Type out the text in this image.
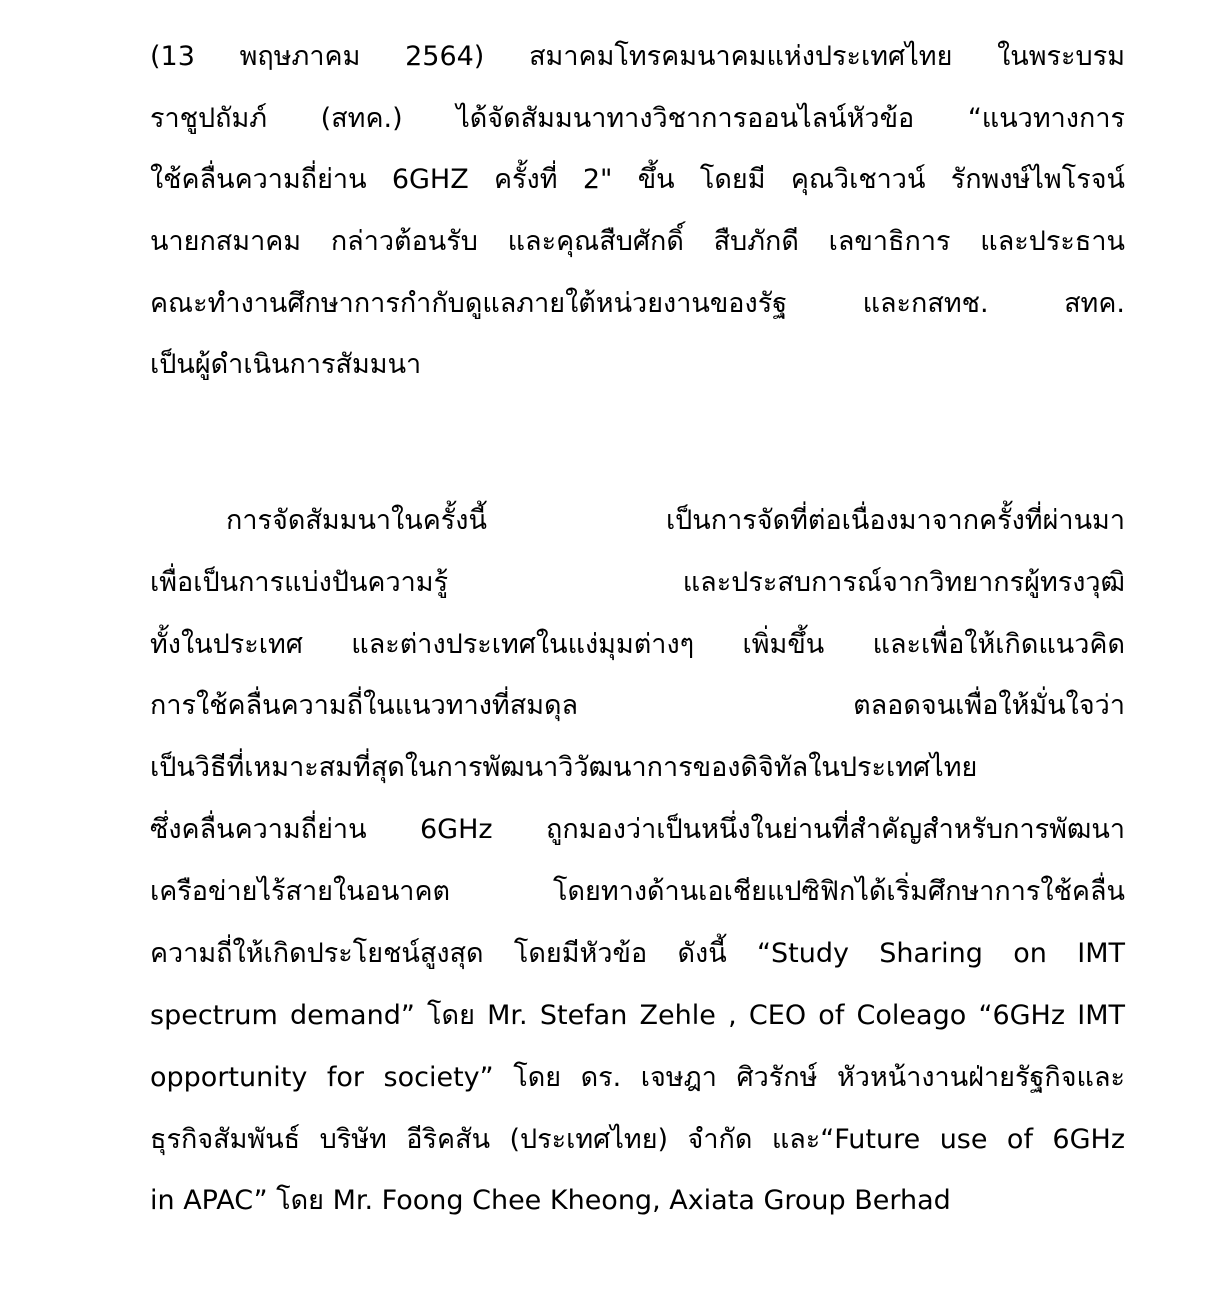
(13 พฤษภาคม 2564) สมาคมโทรคมนาคมแห่งประเทศไทย ในพระบรม
ราชูปถัมภ์ (สทค.) ได้จัดสัมมนาทางวิชาการออนไลน์หัวข้อ “แนวทางการ
ใช้คลื่นความถี่ย่าน 6GHZ ครั้งที่ 2" ขึ้น โดยมี คุณวิเชาวน์ รักพงษ์ไพโรจน์
นายกสมาคม กล่าวต้อนรับ และคุณสืบศักดิ์ สืบภักดี เลขาธิการ และประธาน
คณะทำงานศึกษาการกำกับดูแลภายใต้หน่วยงานของรัฐ และกสทช. สทค.
เป็นผู้ดำเนินการสัมมนา
การจัดสัมมนาในครั้งนี้ เป็นการจัดที่ต่อเนื่องมาจากครั้งที่ผ่านมา
เพื่อเป็นการแบ่งปันความรู้ และประสบการณ์จากวิทยากรผู้ทรงวุฒิ
ทั้งในประเทศ และต่างประเทศในแง่มุมต่างๆ เพิ่มขึ้น และเพื่อให้เกิดแนวคิด
การใช้คลื่นความถี่ในแนวทางที่สมดุล ตลอดจนเพื่อให้มั่นใจว่า
เป็นวิธีที่เหมาะสมที่สุดในการพัฒนาวิวัฒนาการของดิจิทัลในประเทศไทย
ซึ่งคลื่นความถี่ย่าน 6GHz ถูกมองว่าเป็นหนึ่งในย่านที่สำคัญสำหรับการพัฒนา
เครือข่ายไร้สายในอนาคต โดยทางด้านเอเชียแปซิฟิกได้เริ่มศึกษาการใช้คลื่น
ความถี่ให้เกิดประโยชน์สูงสุด โดยมีหัวข้อ ดังนี้ “Study Sharing on IMT
spectrum demand” โดย Mr. Stefan Zehle , CEO of Coleago “6GHz IMT
opportunity for society” โดย ดร. เจษฎา ศิวรักษ์ หัวหน้างานฝ่ายรัฐกิจและ
ธุรกิจสัมพันธ์ บริษัท อีริคสัน (ประเทศไทย) จำกัด และ“Future use of 6GHz
in APAC” โดย Mr. Foong Chee Kheong, Axiata Group Berhad
